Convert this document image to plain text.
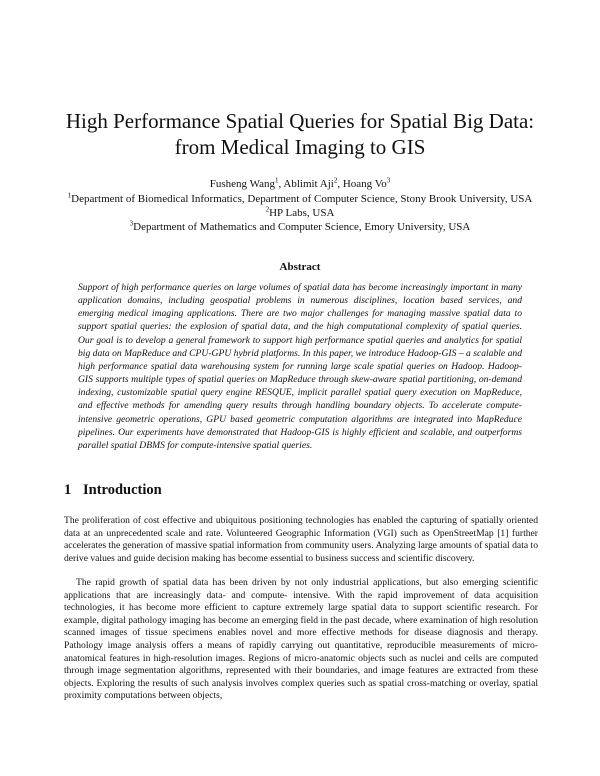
High Performance Spatial Queries for Spatial Big Data:
from Medical Imaging to GIS
Fusheng Wang$^1$, Ablimit Aji$^2$, Hoang Vo$^3$
$^1$Department of Biomedical Informatics, Department of Computer Science, Stony Brook University, USA
$^2$HP Labs, USA
$^3$Department of Mathematics and Computer Science, Emory University, USA
Abstract
Support of high performance queries on large volumes of spatial data has become increasingly important in many application domains, including geospatial problems in numerous disciplines, location based services, and emerging medical imaging applications. There are two major challenges for managing massive spatial data to support spatial queries: the explosion of spatial data, and the high computational complexity of spatial queries. Our goal is to develop a general framework to support high performance spatial queries and analytics for spatial big data on MapReduce and CPU-GPU hybrid platforms. In this paper, we introduce Hadoop-GIS – a scalable and high performance spatial data warehousing system for running large scale spatial queries on Hadoop. Hadoop-GIS supports multiple types of spatial queries on MapReduce through skew-aware spatial partitioning, on-demand indexing, customizable spatial query engine RESQUE, implicit parallel spatial query execution on MapReduce, and effective methods for amending query results through handling boundary objects. To accelerate compute-intensive geometric operations, GPU based geometric computation algorithms are integrated into MapReduce pipelines. Our experiments have demonstrated that Hadoop-GIS is highly efficient and scalable, and outperforms parallel spatial DBMS for compute-intensive spatial queries.
1 Introduction
The proliferation of cost effective and ubiquitous positioning technologies has enabled the capturing of spatially oriented data at an unprecedented scale and rate. Volunteered Geographic Information (VGI) such as OpenStreetMap [1] further accelerates the generation of massive spatial information from community users. Analyzing large amounts of spatial data to derive values and guide decision making has become essential to business success and scientific discovery.
The rapid growth of spatial data has been driven by not only industrial applications, but also emerging scientific applications that are increasingly data- and compute- intensive. With the rapid improvement of data acquisition technologies, it has become more efficient to capture extremely large spatial data to support scientific research. For example, digital pathology imaging has become an emerging field in the past decade, where examination of high resolution scanned images of tissue specimens enables novel and more effective methods for disease diagnosis and therapy. Pathology image analysis offers a means of rapidly carrying out quantitative, reproducible measurements of micro-anatomical features in high-resolution images. Regions of micro-anatomic objects such as nuclei and cells are computed through image segmentation algorithms, represented with their boundaries, and image features are extracted from these objects. Exploring the results of such analysis involves complex queries such as spatial cross-matching or overlay, spatial proximity computations between objects,
